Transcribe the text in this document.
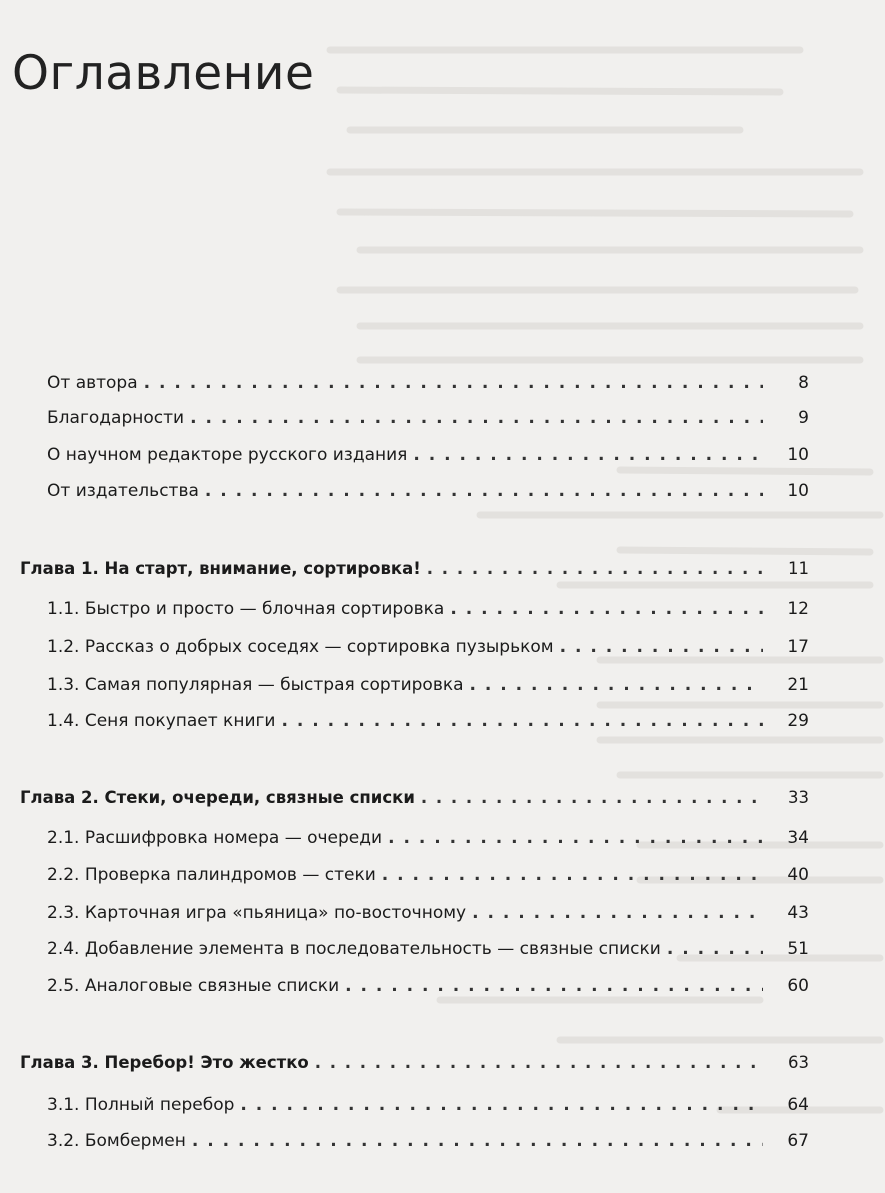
Оглавление
От автора . . .	8
Благодарности . . .	9
О научном редакторе русского издания . . .	10
От издательства . . .	10
Глава 1. На старт, внимание, сортировка! . . .	11
1.1. Быстро и просто — блочная сортировка . . .	12
1.2. Рассказ о добрых соседях — сортировка пузырьком . . .	17
1.3. Самая популярная — быстрая сортировка . . .	21
1.4. Сеня покупает книги . . .	29
Глава 2. Стеки, очереди, связные списки . . .	33
2.1. Расшифровка номера — очереди . . .	34
2.2. Проверка палиндромов — стеки . . .	40
2.3. Карточная игра «пьяница» по-восточному . . .	43
2.4. Добавление элемента в последовательность — связные списки . . .	51
2.5. Аналоговые связные списки . . .	60
Глава 3. Перебор! Это жестко . . .	63
3.1. Полный перебор . . .	64
3.2. Бомбермен . . .	67
